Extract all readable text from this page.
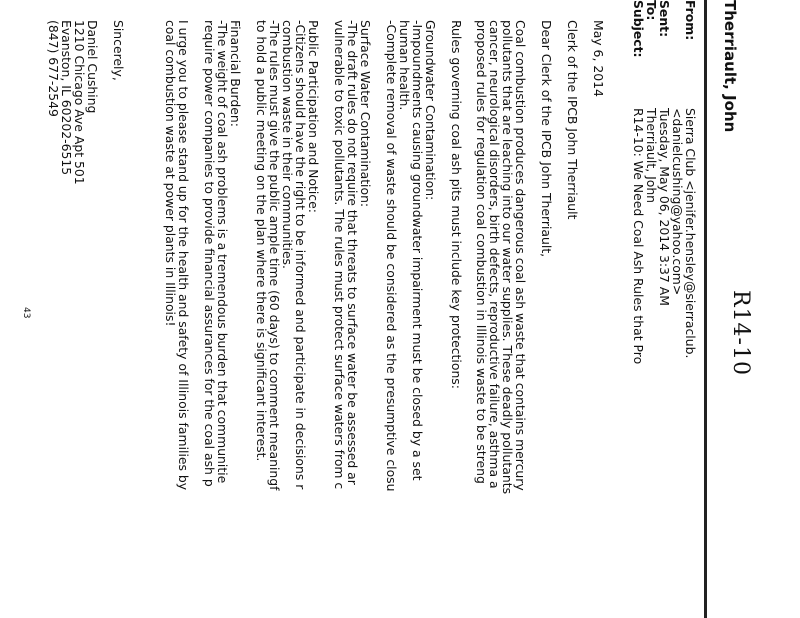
R14-10
Therriault, John
From:
Sierra Club <jenifer.hensley@sierraclub.
<danielcushing@yahoo.com>
Sent:
Tuesday, May 06, 2014 3:37 AM
To:
Therriault, John
Subject:
R14-10: We Need Coal Ash Rules that Pro
May 6, 2014
Clerk of the IPCB John Therriault
Dear Clerk of the IPCB John Therriault,
Coal combustion produces dangerous coal ash waste that contains mercury
pollutants that are leaching into our water supplies. These deadly pollutants
cancer, neurological disorders, birth defects, reproductive failure, asthma a
proposed rules for regulation coal combustion in Illinois waste to be streng
Rules governing coal ash pits must include key protections:
Groundwater Contamination:
-Impoundments causing groundwater impairment must be closed by a set
human health.
-Complete removal of waste should be considered as the presumptive closu
Surface Water Contamination:
-The draft rules do not require that threats to surface water be assessed ar
vulnerable to toxic pollutants. The rules must protect surface waters from c
Public Participation and Notice:
-Citizens should have the right to be informed and participate in decisions r
combustion waste in their communities.
-The rules must give the public ample time (60 days) to comment meaningf
to hold a public meeting on the plan where there is significant interest.
Financial Burden:
-The weight of coal ash problems is a tremendous burden that communitie
require power companies to provide financial assurances for the coal ash p
I urge you to please stand up for the health and safety of Illinois families by
coal combustion waste at power plants in Illinois!
Sincerely,
Daniel Cushing
1210 Chicago Ave Apt 501
Evanston, IL 60202-6515
(847) 677-2549
43
